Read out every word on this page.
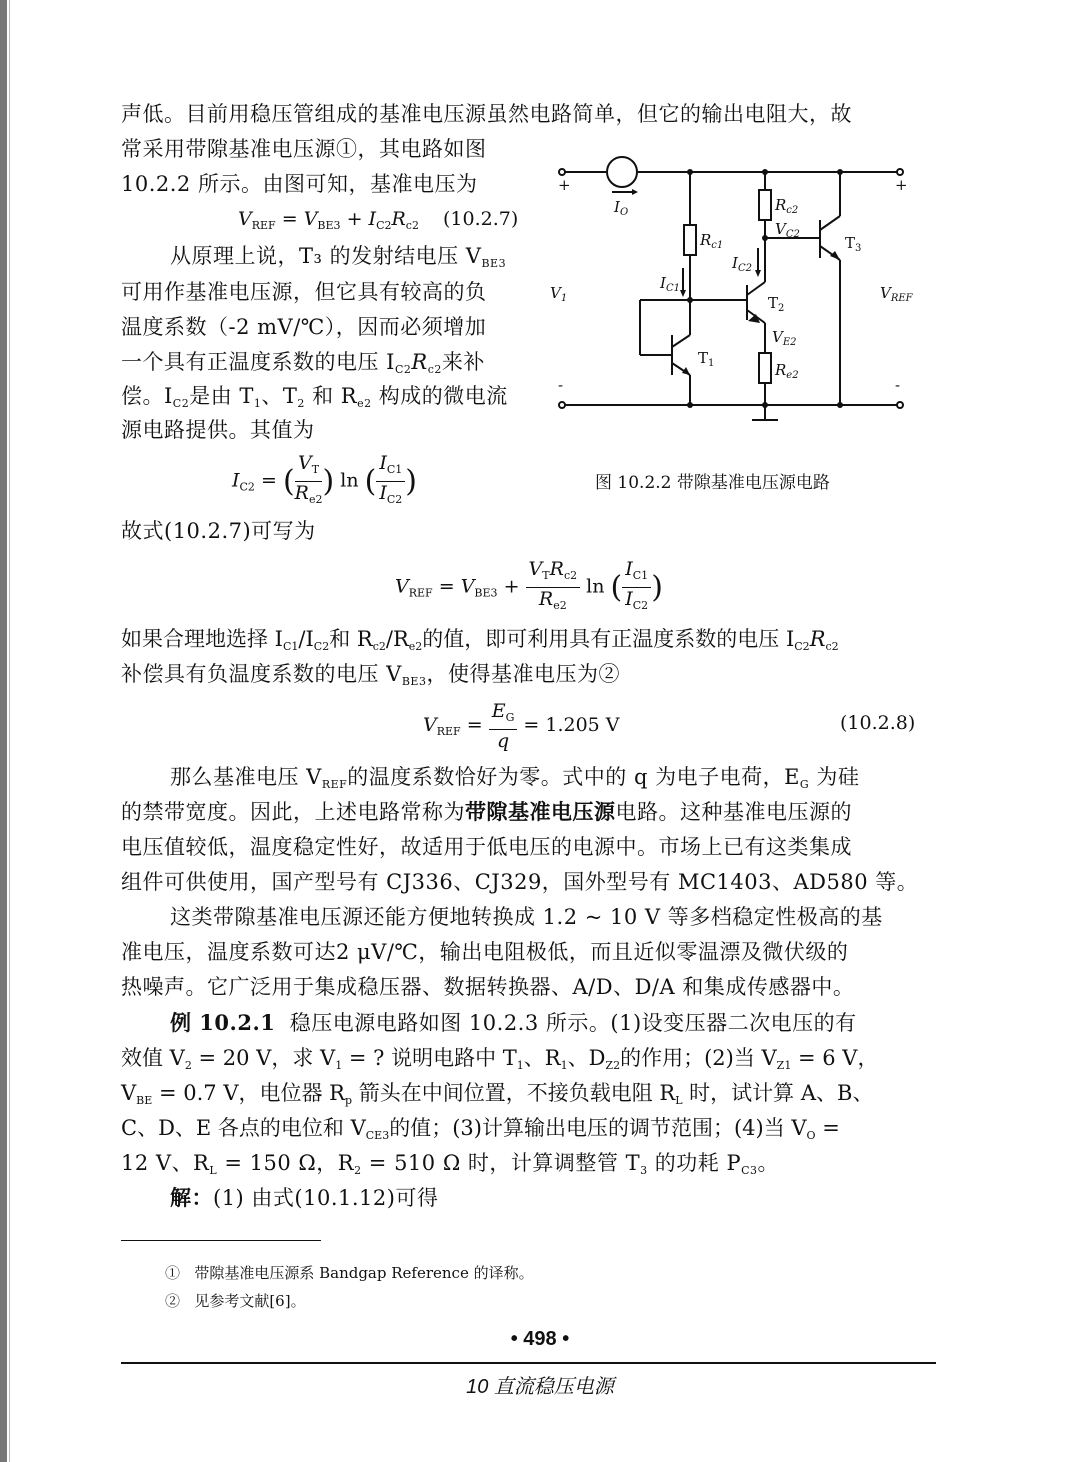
声低。目前用稳压管组成的基准电压源虽然电路简单，但它的输出电阻大，故
常采用带隙基准电压源①，其电路如图
10.2.2 所示。由图可知，基准电压为
$V_{REF} = V_{BE3} + I_{C2}R_{c2}$ (10.2.7)
从原理上说，T₃ 的发射结电压 $V_{BE3}$
可用作基准电压源，但它具有较高的负
温度系数（-2 mV/℃），因而必须增加
一个具有正温度系数的电压 $I_{C2}R_{c2}$来补
偿。$I_{C2}$是由 $T_1$、$T_2$ 和 $R_{e2}$ 构成的微电流
源电路提供。其值为
$I_{C2}$ = ( $\frac{V_T}{R_{e2}}$ ) ln ( $\frac{I_{C1}}{I_{C2}}$ )
+	+
-	-
$I_O$
$V_1$	$V_{REF}$
$R_{c1}$
$R_{c2}$
$R_{e2}$
$I_{C1}$
$I_{C2}$
$V_{C2}$
$V_{E2}$
$T_1$
$T_2$
$T_3$
图 10.2.2 带隙基准电压源电路
故式(10.2.7)可写为
$V_{REF} = V_{BE3} + \frac{V_TR_{c2}}{R_{e2}}$ ln ( $\frac{I_{C1}}{I_{C2}}$ )
如果合理地选择 $I_{C1}/I_{C2}$和 $R_{c2}/R_{e2}$的值，即可利用具有正温度系数的电压 $I_{C2}R_{c2}$
补偿具有负温度系数的电压 $V_{BE3}$，使得基准电压为②
$V_{REF} = \frac{E_G}{q} = 1.205$ V	(10.2.8)
那么基准电压 $V_{REF}$的温度系数恰好为零。式中的 q 为电子电荷，$E_G$ 为硅
的禁带宽度。因此，上述电路常称为带隙基准电压源电路。这种基准电压源的
电压值较低，温度稳定性好，故适用于低电压的电源中。市场上已有这类集成
组件可供使用，国产型号有 CJ336、CJ329，国外型号有 MC1403、AD580 等。
这类带隙基准电压源还能方便地转换成 1.2 ~ 10 V 等多档稳定性极高的基
准电压，温度系数可达2 μV/℃，输出电阻极低，而且近似零温漂及微伏级的
热噪声。它广泛用于集成稳压器、数据转换器、A/D、D/A 和集成传感器中。
例 10.2.1 稳压电源电路如图 10.2.3 所示。(1)设变压器二次电压的有
效值 $V_2 = 20$ V，求 $V_1$ = ? 说明电路中 $T_1$、$R_1$、$D_{Z2}$的作用；(2)当 $V_{Z1} = 6$ V，
$V_{BE} = 0.7$ V，电位器 $R_p$ 箭头在中间位置，不接负载电阻 $R_L$ 时，试计算 A、B、
C、D、E 各点的电位和 $V_{CE3}$的值；(3)计算输出电压的调节范围；(4)当 $V_O$ =
12 V、$R_L = 150$ Ω，$R_2 = 510$ Ω 时，计算调整管 $T_3$ 的功耗 $P_{C3}$。
解：(1) 由式(10.1.12)可得
① 带隙基准电压源系 Bandgap Reference 的译称。
② 见参考文献[6]。
• 498 •
10 直流稳压电源
